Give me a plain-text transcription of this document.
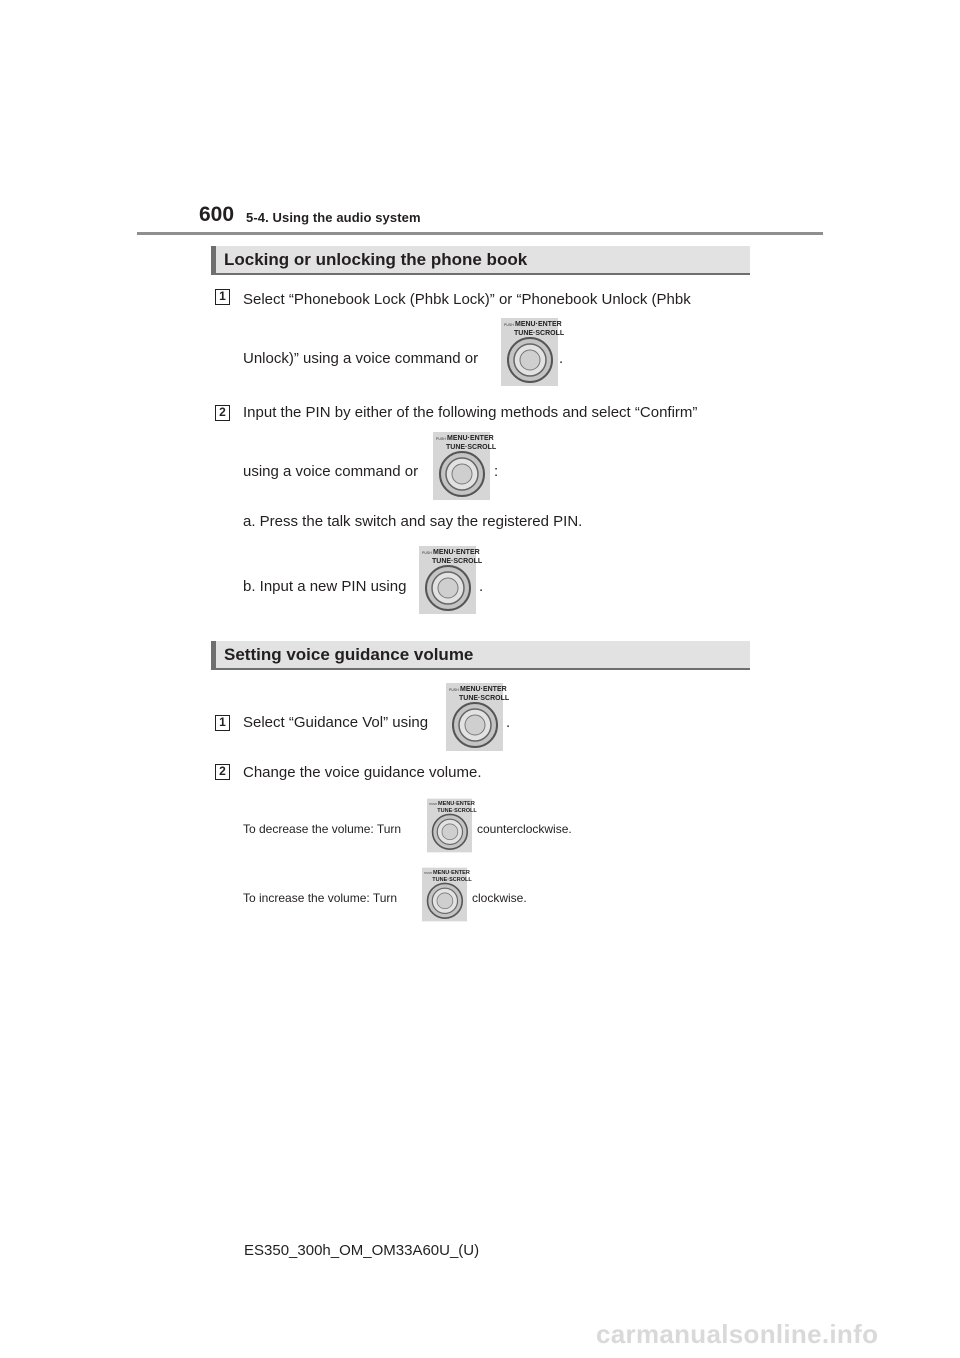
600 5-4. Using the audio system
Locking or unlocking the phone book
1 Select “Phonebook Lock (Phbk Lock)” or “Phonebook Unlock (Phbk
Unlock)” using a voice command or
PUSH MENU·ENTER
TUNE·SCROLL
.
2 Input the PIN by either of the following methods and select “Confirm”
using a voice command or
PUSH MENU·ENTER
TUNE·SCROLL
:
a. Press the talk switch and say the registered PIN.
b. Input a new PIN using
PUSH MENU·ENTER
TUNE·SCROLL
.
Setting voice guidance volume
1 Select “Guidance Vol” using
PUSH MENU·ENTER
TUNE·SCROLL
.
2 Change the voice guidance volume.
To decrease the volume: Turn
PUSH MENU·ENTER
TUNE·SCROLL
counterclockwise.
To increase the volume: Turn
PUSH MENU·ENTER
TUNE·SCROLL
clockwise.
ES350_300h_OM_OM33A60U_(U)
carmanualsonline.info
